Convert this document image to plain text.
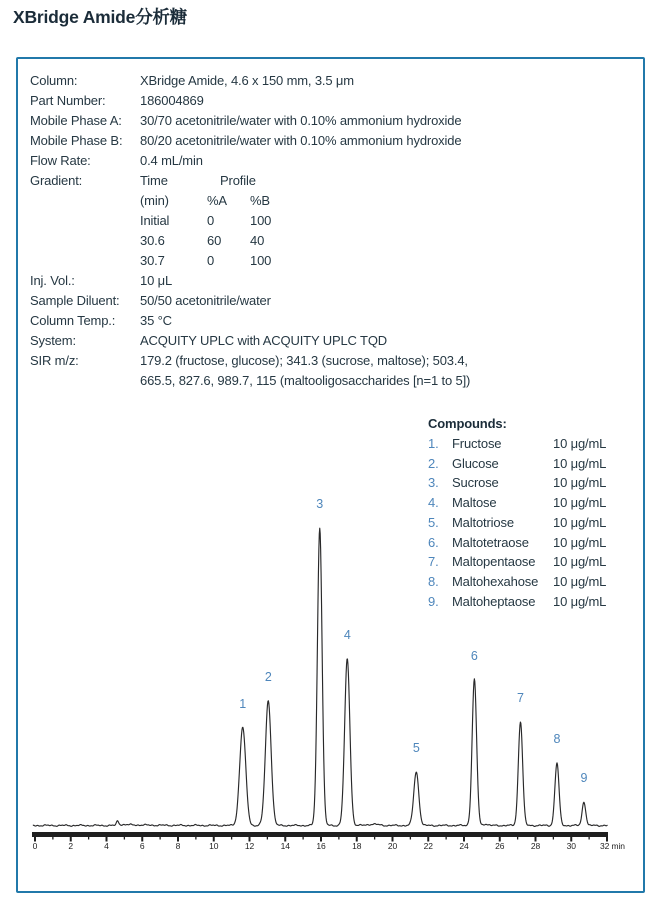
XBridge Amide分析糖
Column:	XBridge Amide, 4.6 x 150 mm, 3.5 μm
Part Number:	186004869
Mobile Phase A:	30/70 acetonitrile/water with 0.10% ammonium hydroxide
Mobile Phase B:	80/20 acetonitrile/water with 0.10% ammonium hydroxide
Flow Rate:	0.4 mL/min
Gradient:	Time	Profile
(min)	%A	%B
Initial	0	100
30.6	60	40
30.7	0	100
Inj. Vol.:	10 μL
Sample Diluent:	50/50 acetonitrile/water
Column Temp.:	35 °C
System:	ACQUITY UPLC with ACQUITY UPLC TQD
SIR m/z:	179.2 (fructose, glucose); 341.3 (sucrose, maltose); 503.4,
665.5, 827.6, 989.7, 115 (maltooligosaccharides [n=1 to 5])
Compounds:
1.	Fructose	10 μg/mL
2.	Glucose	10 μg/mL
3.	Sucrose	10 μg/mL
4.	Maltose	10 μg/mL
5.	Maltotriose	10 μg/mL
6.	Maltotetraose	10 μg/mL
7.	Maltopentaose	10 μg/mL
8.	Maltohexahose	10 μg/mL
9.	Maltoheptaose	10 μg/mL
0	2	4	6	8	10	12	14	16	18	20	22	24	26	28	30	32 min
1
2
3
4
5
6
7
8
9
